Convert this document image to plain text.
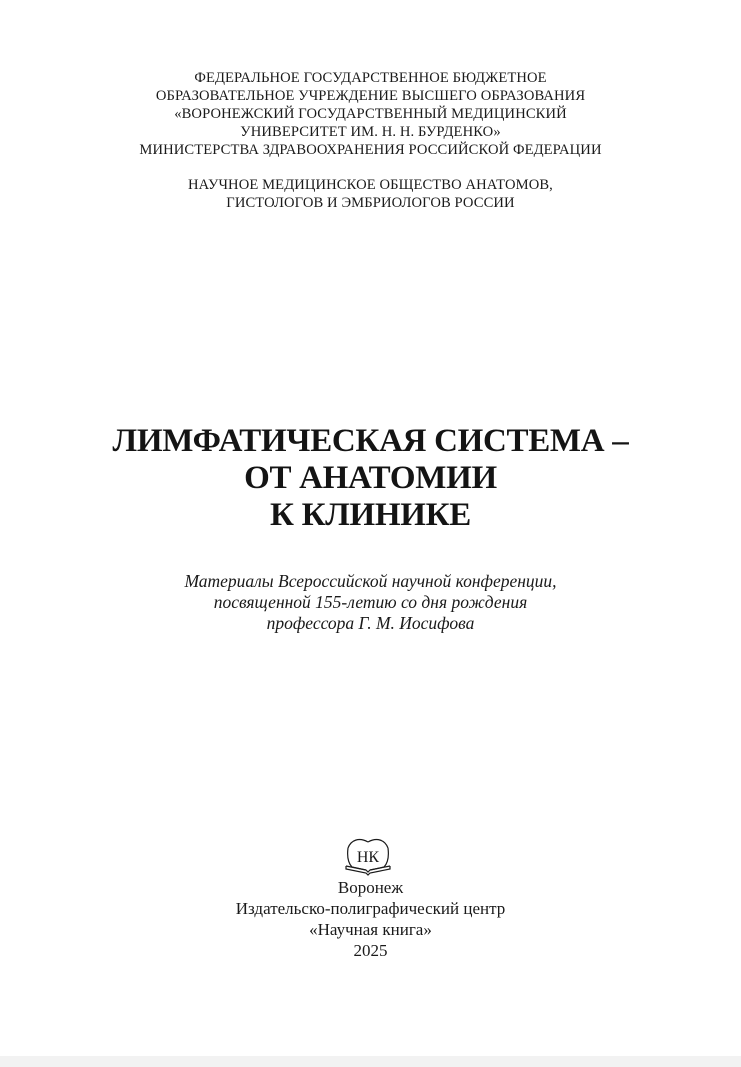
ФЕДЕРАЛЬНОЕ ГОСУДАРСТВЕННОЕ БЮДЖЕТНОЕ
ОБРАЗОВАТЕЛЬНОЕ УЧРЕЖДЕНИЕ ВЫСШЕГО ОБРАЗОВАНИЯ
«ВОРОНЕЖСКИЙ ГОСУДАРСТВЕННЫЙ МЕДИЦИНСКИЙ
УНИВЕРСИТЕТ ИМ. Н. Н. БУРДЕНКО»
МИНИСТЕРСТВА ЗДРАВООХРАНЕНИЯ РОССИЙСКОЙ ФЕДЕРАЦИИ
НАУЧНОЕ МЕДИЦИНСКОЕ ОБЩЕСТВО АНАТОМОВ,
ГИСТОЛОГОВ И ЭМБРИОЛОГОВ РОССИИ
ЛИМФАТИЧЕСКАЯ СИСТЕМА –
ОТ АНАТОМИИ
К КЛИНИКЕ
Материалы Всероссийской научной конференции,
посвященной 155-летию со дня рождения
профессора Г. М. Иосифова
НК
Воронеж
Издательско-полиграфический центр
«Научная книга»
2025
